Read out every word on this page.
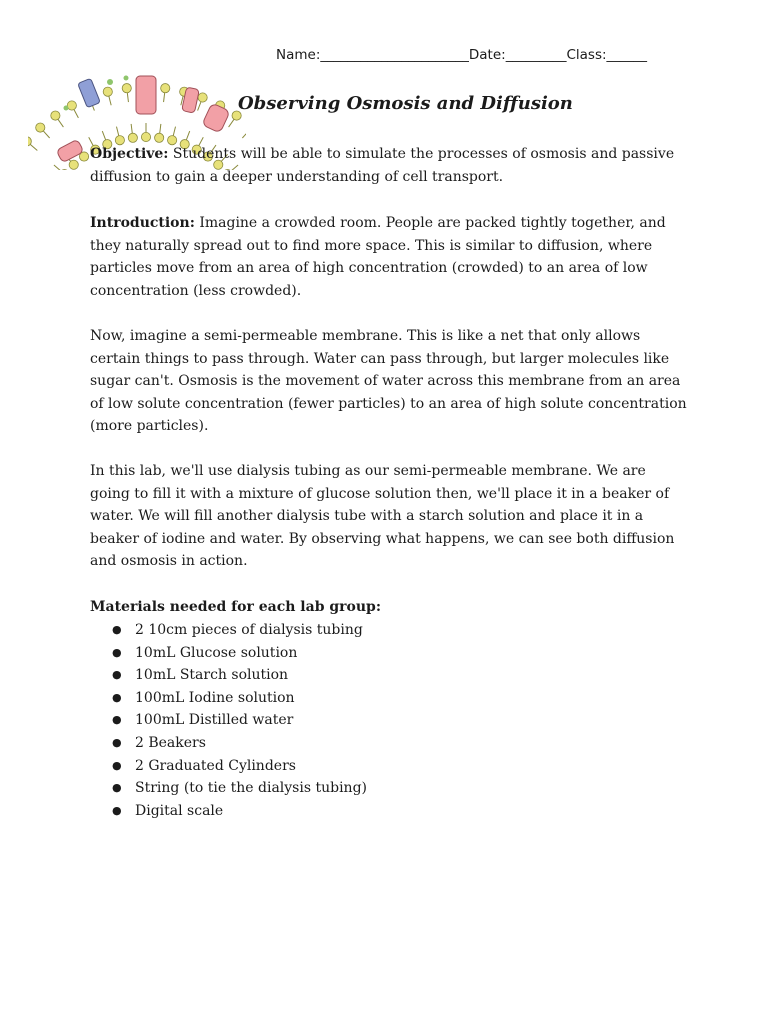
Name:______________________Date:_________Class:______
Observing Osmosis and Diffusion
Objective: Students will be able to simulate the processes of osmosis and passive diffusion to gain a deeper understanding of cell transport.
Introduction: Imagine a crowded room. People are packed tightly together, and they naturally spread out to find more space. This is similar to diffusion, where particles move from an area of high concentration (crowded) to an area of low concentration (less crowded).
Now, imagine a semi-permeable membrane. This is like a net that only allows certain things to pass through. Water can pass through, but larger molecules like sugar can't. Osmosis is the movement of water across this membrane from an area of low solute concentration (fewer particles) to an area of high solute concentration (more particles).
In this lab, we'll use dialysis tubing as our semi-permeable membrane. We are going to fill it with a mixture of glucose solution then, we'll place it in a beaker of water. We will fill another dialysis tube with a starch solution and place it in a beaker of iodine and water. By observing what happens, we can see both diffusion and osmosis in action.
Materials needed for each lab group:
● 2 10cm pieces of dialysis tubing
● 10mL Glucose solution
● 10mL Starch solution
● 100mL Iodine solution
● 100mL Distilled water
● 2 Beakers
● 2 Graduated Cylinders
● String (to tie the dialysis tubing)
● Digital scale
